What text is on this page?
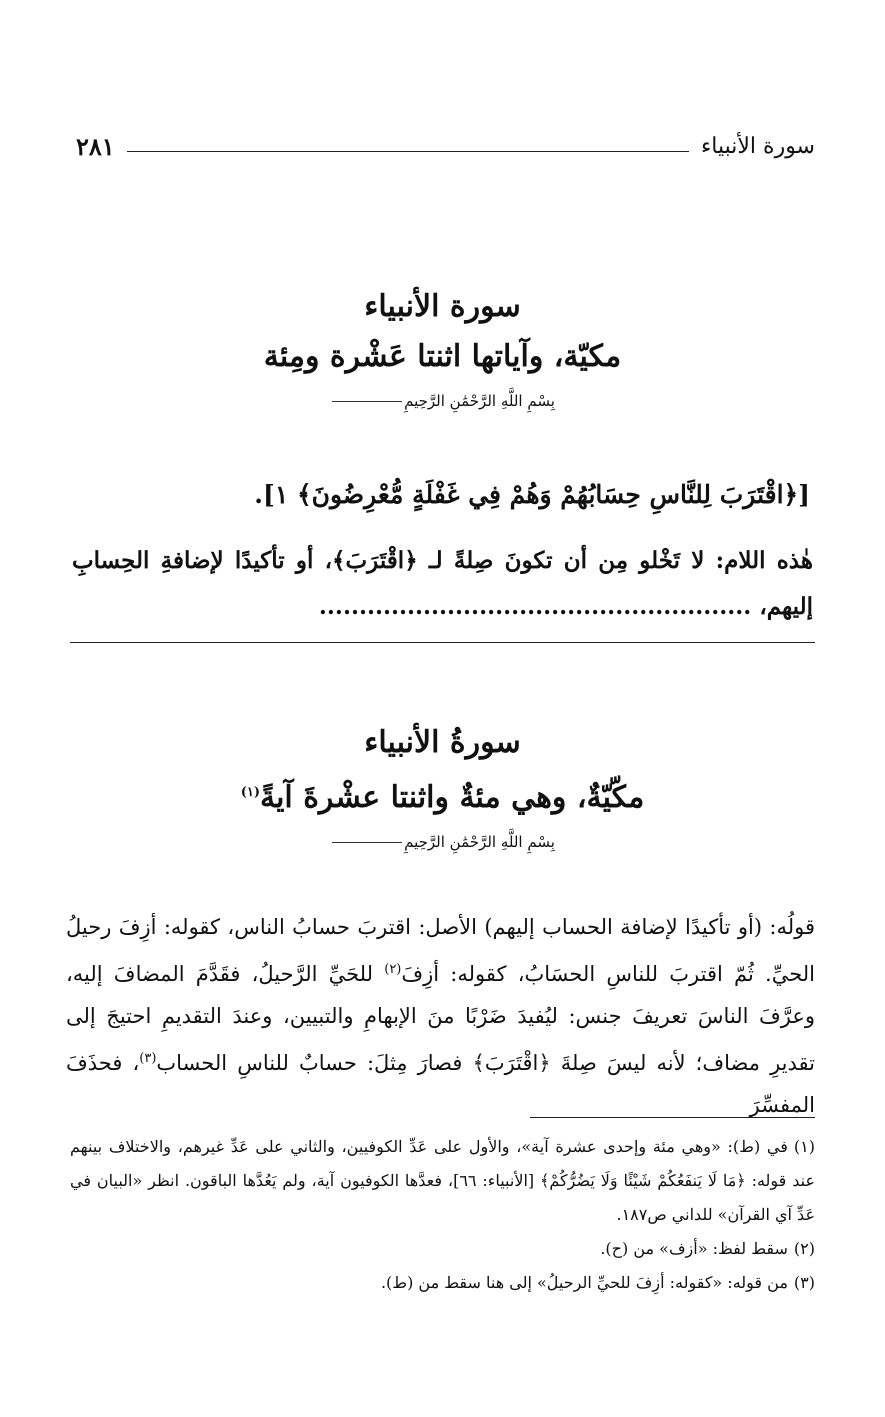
سورة الأنبياء
٢٨١
سورة الأنبياء
مكيّة، وآياتها اثنتا عَشْرة ومِئة
بِسْمِ اللَّهِ الرَّحْمَٰنِ الرَّحِيمِ
[﴿اقْتَرَبَ لِلنَّاسِ حِسَابُهُمْ وَهُمْ فِي غَفْلَةٍ مُّعْرِضُونَ﴾ ١].
هٰذه اللام: لا تَخْلو مِن أن تكونَ صِلةً لـ ﴿اقْتَرَبَ﴾، أو تأكيدًا لإضافةِ الحِسابِ إليهم، ......................................................
سورةُ الأنبياء
مكّيّةٌ، وهي مئةٌ واثنتا عشْرةَ آيةً$^{(١)}$
بِسْمِ اللَّهِ الرَّحْمَٰنِ الرَّحِيمِ

قولُه: (أو تأكيدًا لإضافة الحساب إليهم) الأصل: اقتربَ حسابُ الناس، كقوله: أزِفَ رحيلُ الحيِّ. ثُمّ اقتربَ للناسِ الحسَابُ، كقوله: أزِفَ$^{(٢)}$ للحَيِّ الرَّحيلُ، فقَدَّمَ المضافَ إليه، وعرَّفَ الناسَ تعريفَ جنس: ليُفيدَ ضَرْبًا منَ الإبهامِ والتبيين، وعندَ التقديمِ احتيجَ إلى تقديرِ مضاف؛ لأنه ليسَ صِلةَ ﴿اقْتَرَبَ﴾ فصارَ مِثلَ: حسابٌ للناسِ الحساب$^{(٣)}$، فحذَفَ المفسِّرَ

(١)في (ط): «وهي مئة وإحدى عشرة آية»، والأول على عَدِّ الكوفيين، والثاني على عَدِّ غيرهم، والاختلاف بينهم عند قوله: ﴿مَا لَا يَنفَعُكُمْ شَيْئًا وَلَا يَضُرُّكُمْ﴾ [الأنبياء: ٦٦]، فعدَّها الكوفيون آية، ولم يَعُدَّها الباقون. انظر «البيان في عَدِّ آي القرآن» للداني ص١٨٧.

(٢)سقط لفظ: «أزف» من (ح).

(٣)من قوله: «كقوله: أزِفَ للحيِّ الرحيلُ» إلى هنا سقط من (ط).
